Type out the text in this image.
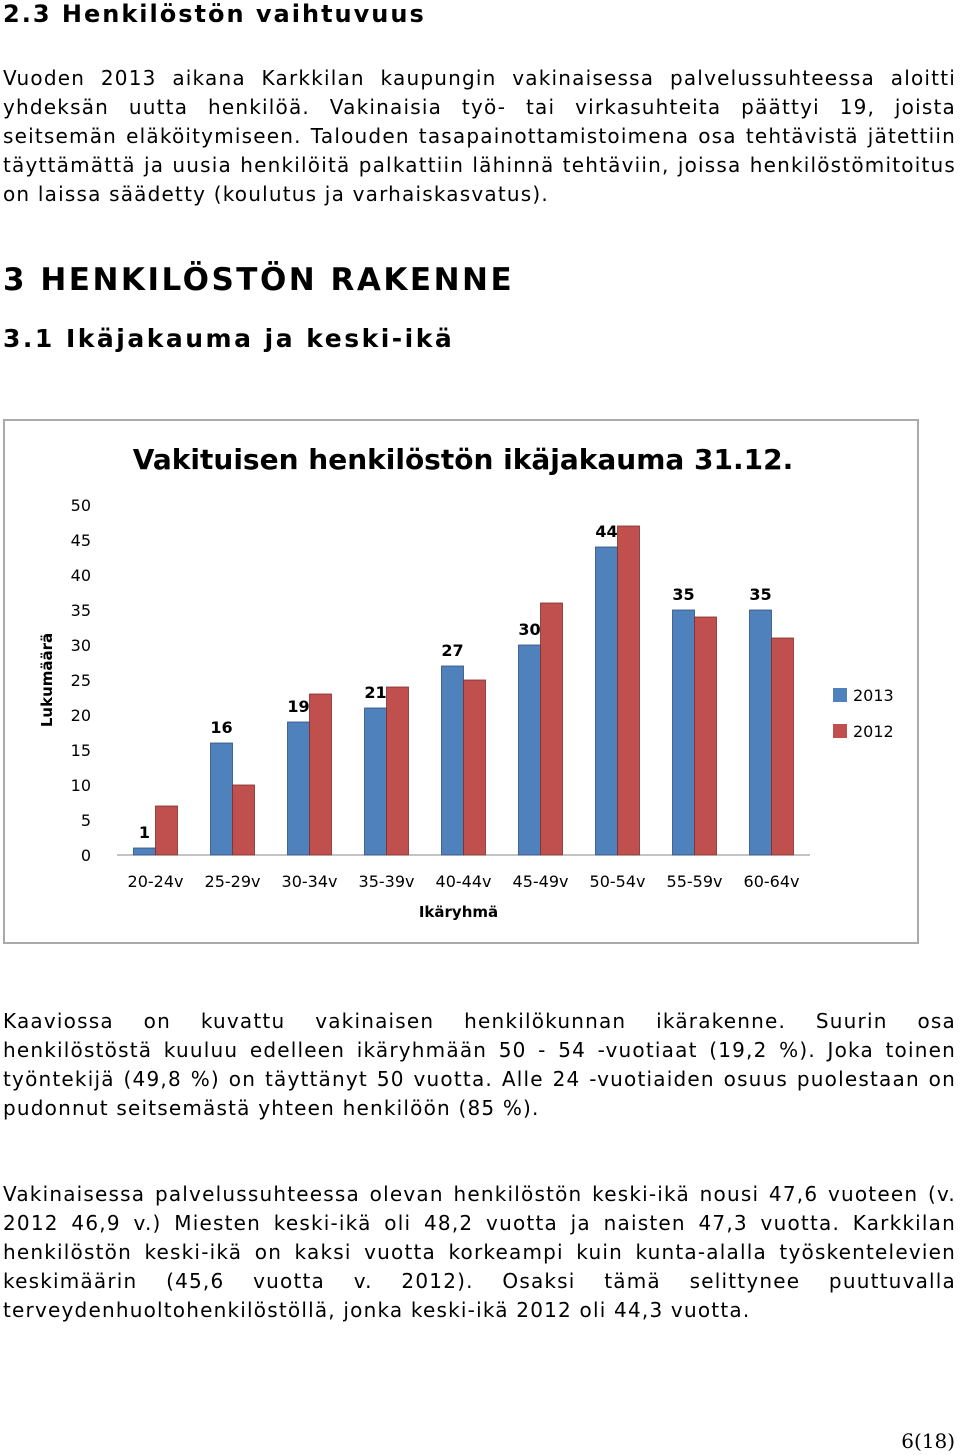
2.3 Henkilöstön vaihtuvuus

Vuoden 2013 aikana Karkkilan kaupungin vakinaisessa palvelussuhteessa aloitti yhdeksän uutta henkilöä. Vakinaisia työ- tai virkasuhteita päättyi 19, joista seitsemän eläköitymiseen. Talouden tasapainottamistoimena osa tehtävistä jätettiin täyttämättä ja uusia henkilöitä palkattiin lähinnä tehtäviin, joissa henkilöstömitoitus on laissa säädetty (koulutus ja varhaiskasvatus).

3 HENKILÖSTÖN RAKENNE
3.1 Ikäjakauma ja keski-ikä
Vakituisen henkilöstön ikäjakauma 31.12.
0
5
10
15
20
25
30
35
40
45
50
Lukumäärä
1
20-24v
16
25-29v
19
30-34v
21
35-39v
27
40-44v
30
45-49v
44
50-54v
35
55-59v
35
60-64v
Ikäryhmä
2013
2012

Kaaviossa on kuvattu vakinaisen henkilökunnan ikärakenne. Suurin osa henkilöstöstä kuuluu edelleen ikäryhmään 50 - 54 -vuotiaat (19,2 %). Joka toinen työntekijä (49,8 %) on täyttänyt 50 vuotta. Alle 24 -vuotiaiden osuus puolestaan on pudonnut seitsemästä yhteen henkilöön (85 %).

Vakinaisessa palvelussuhteessa olevan henkilöstön keski-ikä nousi 47,6 vuoteen (v. 2012 46,9 v.) Miesten keski-ikä oli 48,2 vuotta ja naisten 47,3 vuotta. Karkkilan henkilöstön keski-ikä on kaksi vuotta korkeampi kuin kunta-alalla työskentelevien keskimäärin (45,6 vuotta v. 2012). Osaksi tämä selittynee puuttuvalla terveydenhuoltohenkilöstöllä, jonka keski-ikä 2012 oli 44,3 vuotta.

6(18)
